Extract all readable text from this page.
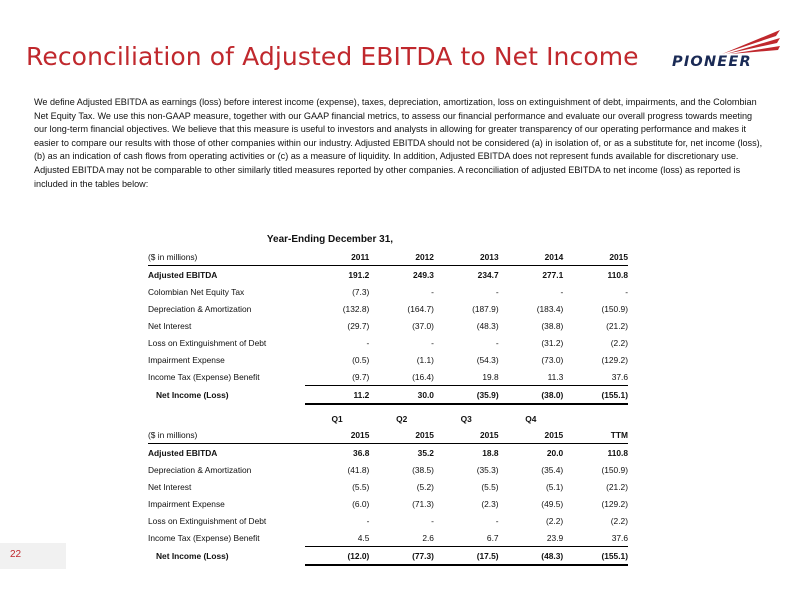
Reconciliation of Adjusted EBITDA to Net Income PIONEER

We define Adjusted EBITDA as earnings (loss) before interest income (expense), taxes, depreciation, amortization, loss on extinguishment of debt, impairments, and the Colombian Net Equity Tax. We use this non-GAAP measure, together with our GAAP financial metrics, to assess our financial performance and evaluate our overall progress towards meeting our long-term financial objectives. We believe that this measure is useful to investors and analysts in allowing for greater transparency of our operating performance and makes it easier to compare our results with those of other companies within our industry. Adjusted EBITDA should not be considered (a) in isolation of, or as a substitute for, net income (loss), (b) as an indication of cash flows from operating activities or (c) as a measure of liquidity. In addition, Adjusted EBITDA does not represent funds available for discretionary use. Adjusted EBITDA may not be comparable to other similarly titled measures reported by other companies. A reconciliation of adjusted EBITDA to net income (loss) as reported is included in the tables below:

Year-Ending December 31,
($ in millions)	2011	2012	2013	2014	2015
Adjusted EBITDA	191.2	249.3	234.7	277.1	110.8
Colombian Net Equity Tax	(7.3)	-	-	-	-
Depreciation & Amortization	(132.8)	(164.7)	(187.9)	(183.4)	(150.9)
Net Interest	(29.7)	(37.0)	(48.3)	(38.8)	(21.2)
Loss on Extinguishment of Debt	-	-	-	(31.2)	(2.2)
Impairment Expense	(0.5)	(1.1)	(54.3)	(73.0)	(129.2)
Income Tax (Expense) Benefit	(9.7)	(16.4)	19.8	11.3	37.6
Net Income (Loss)	11.2	30.0	(35.9)	(38.0)	(155.1)
	Q1	Q2	Q3	Q4	
($ in millions)	2015	2015	2015	2015	TTM
Adjusted EBITDA	36.8	35.2	18.8	20.0	110.8
Depreciation & Amortization	(41.8)	(38.5)	(35.3)	(35.4)	(150.9)
Net Interest	(5.5)	(5.2)	(5.5)	(5.1)	(21.2)
Impairment Expense	(6.0)	(71.3)	(2.3)	(49.5)	(129.2)
Loss on Extinguishment of Debt	-	-	-	(2.2)	(2.2)
Income Tax (Expense) Benefit	4.5	2.6	6.7	23.9	37.6
Net Income (Loss)	(12.0)	(77.3)	(17.5)	(48.3)	(155.1)
22
